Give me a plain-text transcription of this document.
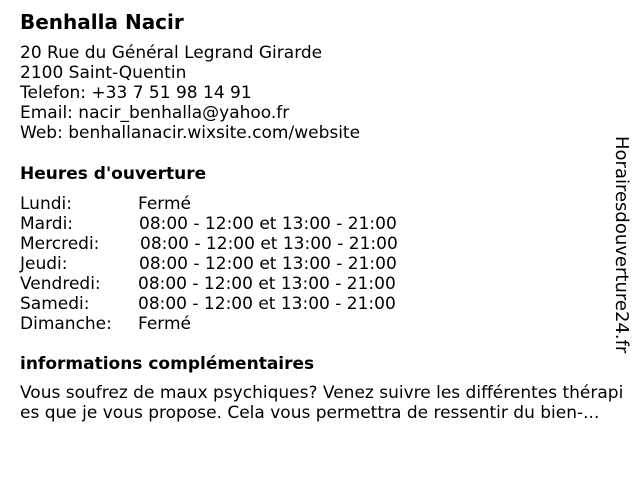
Benhalla Nacir
20 Rue du Général Legrand Girarde
2100 Saint-Quentin
Telefon: +33 7 51 98 14 91
Email: nacir_benhalla@yahoo.fr
Web: benhallanacir.wixsite.com/website
Heures d'ouverture
Lundi:	Fermé
Mardi:	08:00 - 12:00 et 13:00 - 21:00
Mercredi: 08:00 - 12:00 et 13:00 - 21:00
Jeudi:	08:00 - 12:00 et 13:00 - 21:00
Vendredi: 08:00 - 12:00 et 13:00 - 21:00
Samedi:	08:00 - 12:00 et 13:00 - 21:00
Dimanche: Fermé
informations complémentaires
Vous soufrez de maux psychiques? Venez suivre les différentes thérapies que je vous propose. Cela vous permettra de ressentir du bien-...
Horairesdouverture24.fr
